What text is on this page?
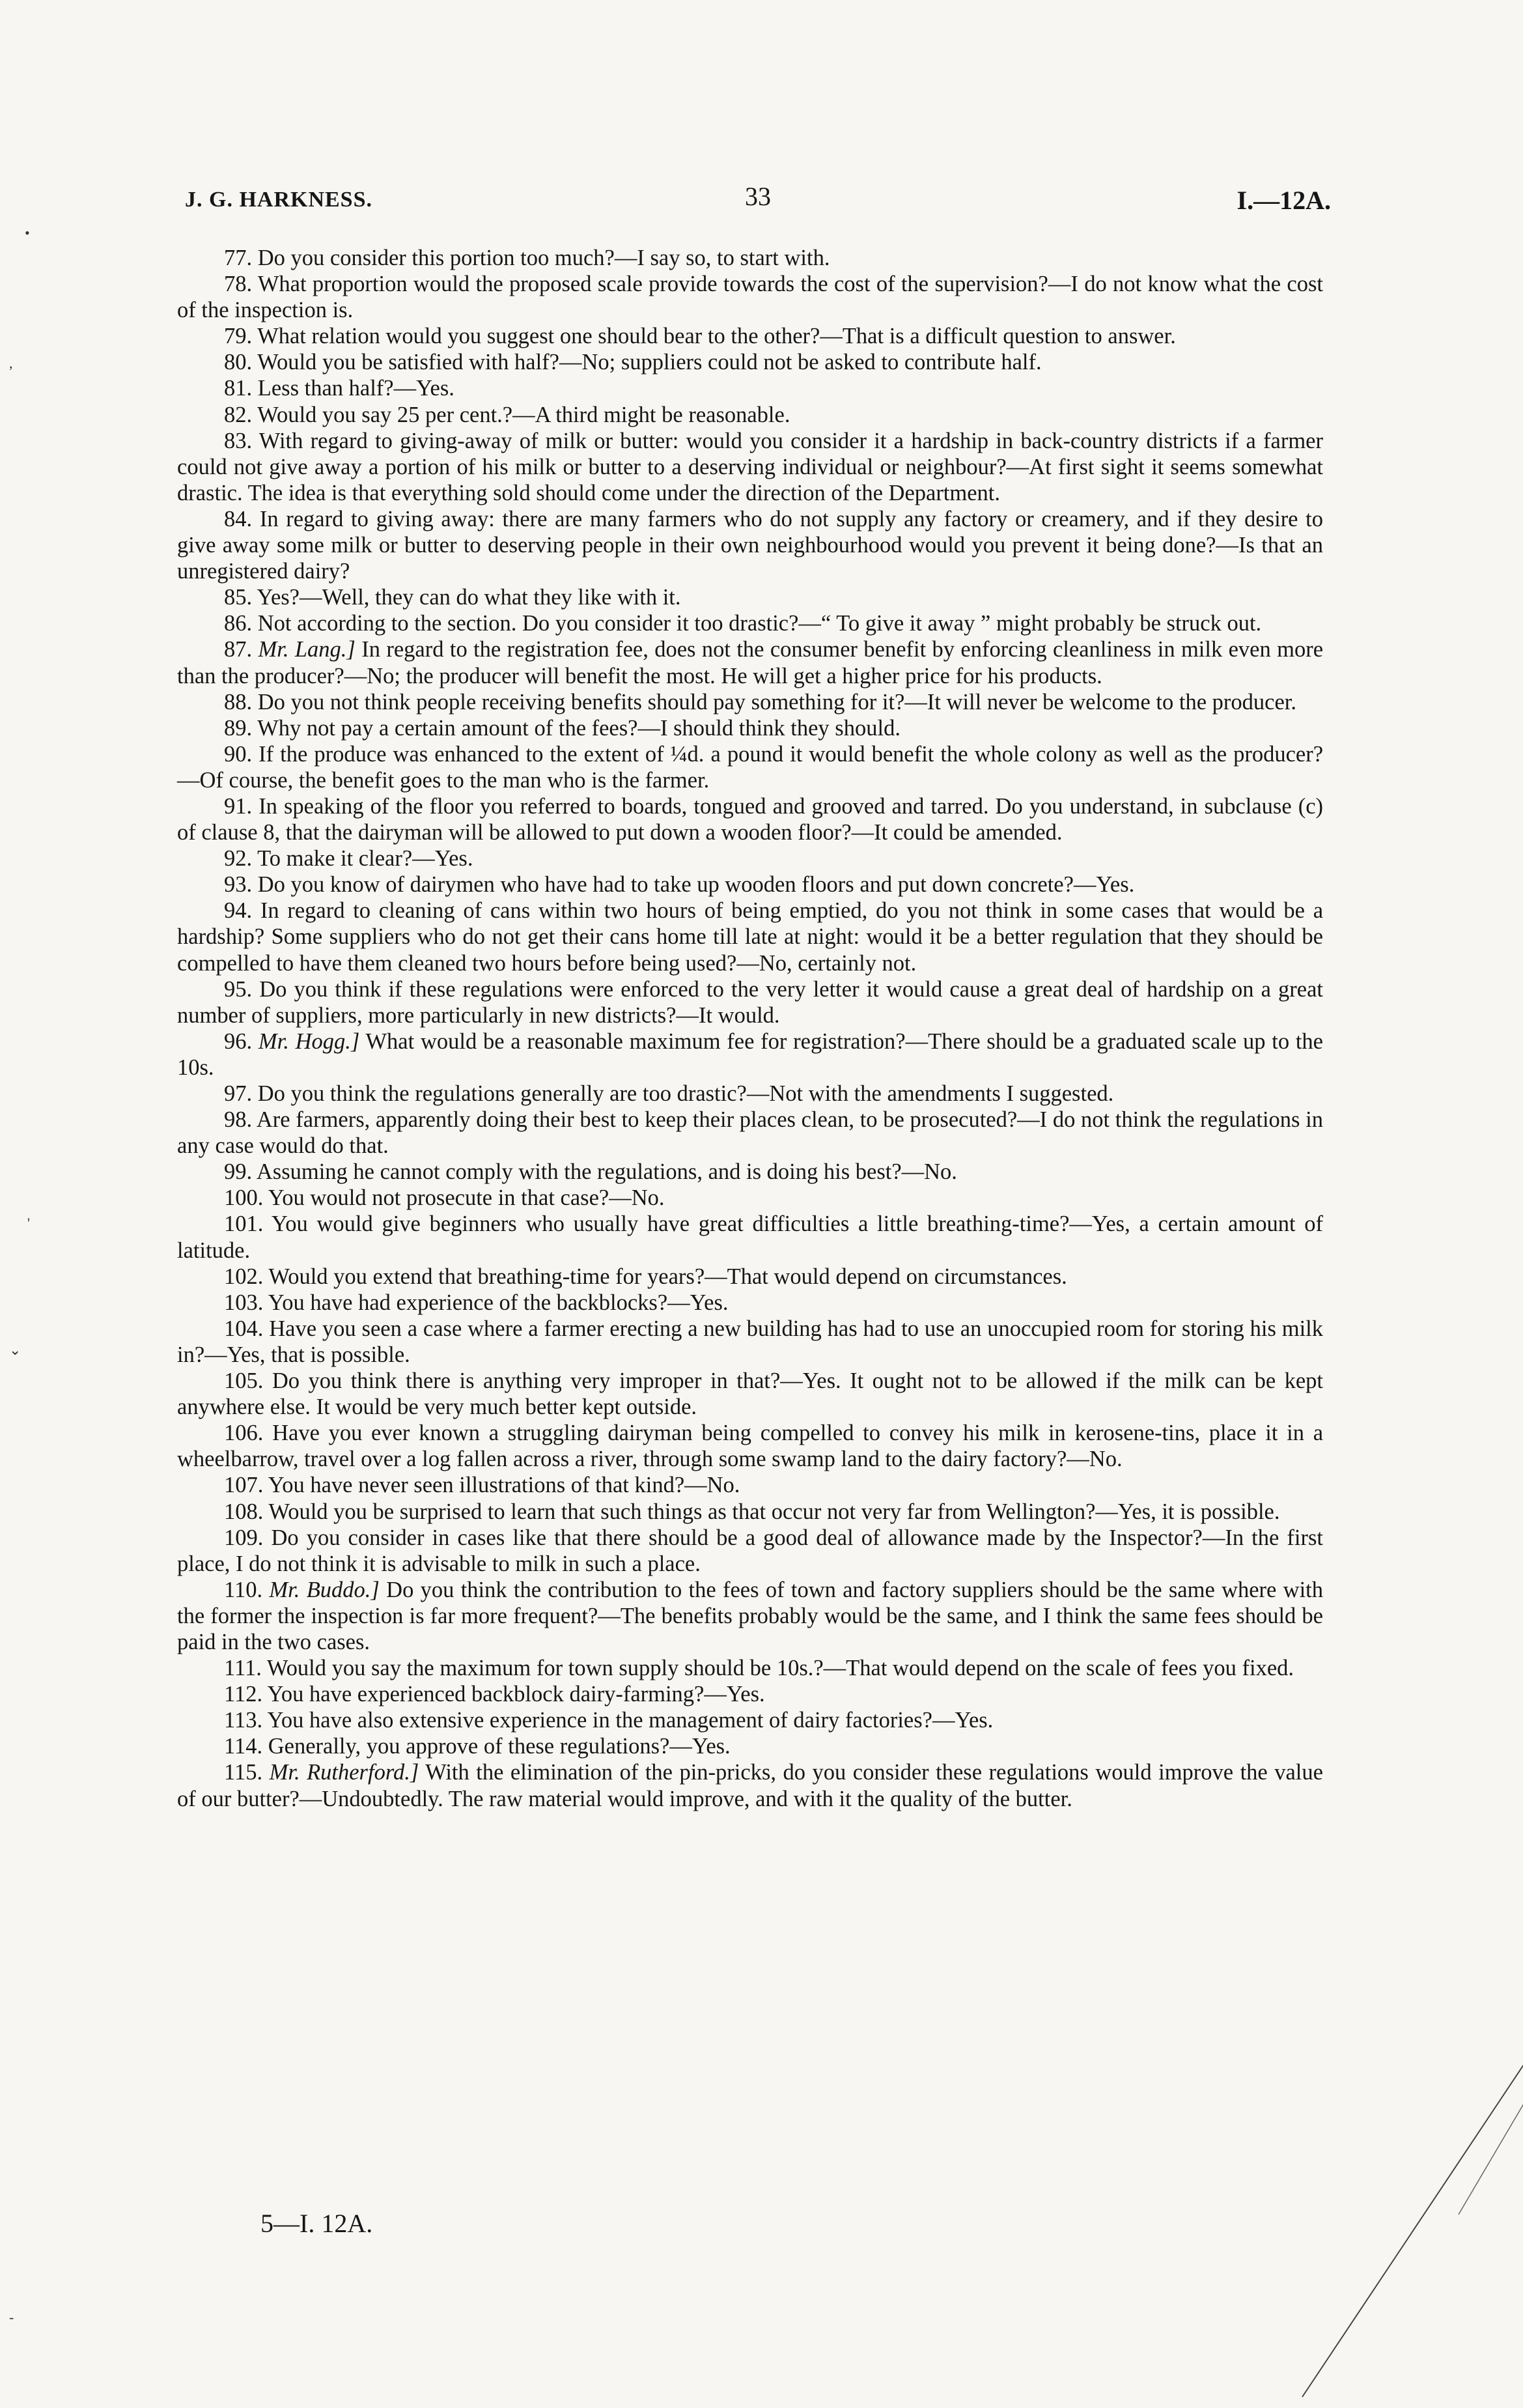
J. G. HARKNESS.	33	I.—12A.

77. Do you consider this portion too much?—I say so, to start with.

78. What proportion would the proposed scale provide towards the cost of the supervision?—I do not know what the cost of the inspection is.

79. What relation would you suggest one should bear to the other?—That is a difficult question to answer.

80. Would you be satisfied with half?—No; suppliers could not be asked to contribute half.

81. Less than half?—Yes.

82. Would you say 25 per cent.?—A third might be reasonable.

83. With regard to giving-away of milk or butter: would you consider it a hardship in back-country districts if a farmer could not give away a portion of his milk or butter to a deserving individual or neighbour?—At first sight it seems somewhat drastic. The idea is that everything sold should come under the direction of the Department.

84. In regard to giving away: there are many farmers who do not supply any factory or creamery, and if they desire to give away some milk or butter to deserving people in their own neighbourhood would you prevent it being done?—Is that an unregistered dairy?

85. Yes?—Well, they can do what they like with it.

86. Not according to the section. Do you consider it too drastic?—“ To give it away ” might probably be struck out.

87. Mr. Lang.] In regard to the registration fee, does not the consumer benefit by enforcing cleanliness in milk even more than the producer?—No; the producer will benefit the most. He will get a higher price for his products.

88. Do you not think people receiving benefits should pay something for it?—It will never be welcome to the producer.

89. Why not pay a certain amount of the fees?—I should think they should.

90. If the produce was enhanced to the extent of ¼d. a pound it would benefit the whole colony as well as the producer?—Of course, the benefit goes to the man who is the farmer.

91. In speaking of the floor you referred to boards, tongued and grooved and tarred. Do you understand, in subclause (c) of clause 8, that the dairyman will be allowed to put down a wooden floor?—It could be amended.

92. To make it clear?—Yes.

93. Do you know of dairymen who have had to take up wooden floors and put down concrete?—Yes.

94. In regard to cleaning of cans within two hours of being emptied, do you not think in some cases that would be a hardship? Some suppliers who do not get their cans home till late at night: would it be a better regulation that they should be compelled to have them cleaned two hours before being used?—No, certainly not.

95. Do you think if these regulations were enforced to the very letter it would cause a great deal of hardship on a great number of suppliers, more particularly in new districts?—It would.

96. Mr. Hogg.] What would be a reasonable maximum fee for registration?—There should be a graduated scale up to the 10s.

97. Do you think the regulations generally are too drastic?—Not with the amendments I suggested.

98. Are farmers, apparently doing their best to keep their places clean, to be prosecuted?—I do not think the regulations in any case would do that.

99. Assuming he cannot comply with the regulations, and is doing his best?—No.

100. You would not prosecute in that case?—No.

101. You would give beginners who usually have great difficulties a little breathing-time?—Yes, a certain amount of latitude.

102. Would you extend that breathing-time for years?—That would depend on circumstances.

103. You have had experience of the backblocks?—Yes.

104. Have you seen a case where a farmer erecting a new building has had to use an unoccupied room for storing his milk in?—Yes, that is possible.

105. Do you think there is anything very improper in that?—Yes. It ought not to be allowed if the milk can be kept anywhere else. It would be very much better kept outside.

106. Have you ever known a struggling dairyman being compelled to convey his milk in kerosene-tins, place it in a wheelbarrow, travel over a log fallen across a river, through some swamp land to the dairy factory?—No.

107. You have never seen illustrations of that kind?—No.

108. Would you be surprised to learn that such things as that occur not very far from Wellington?—Yes, it is possible.

109. Do you consider in cases like that there should be a good deal of allowance made by the Inspector?—In the first place, I do not think it is advisable to milk in such a place.

110. Mr. Buddo.] Do you think the contribution to the fees of town and factory suppliers should be the same where with the former the inspection is far more frequent?—The benefits probably would be the same, and I think the same fees should be paid in the two cases.

111. Would you say the maximum for town supply should be 10s.?—That would depend on the scale of fees you fixed.

112. You have experienced backblock dairy-farming?—Yes.

113. You have also extensive experience in the management of dairy factories?—Yes.

114. Generally, you approve of these regulations?—Yes.

115. Mr. Rutherford.] With the elimination of the pin-pricks, do you consider these regulations would improve the value of our butter?—Undoubtedly. The raw material would improve, and with it the quality of the butter.

5—I. 12A.
•
,
'
⌄
-
